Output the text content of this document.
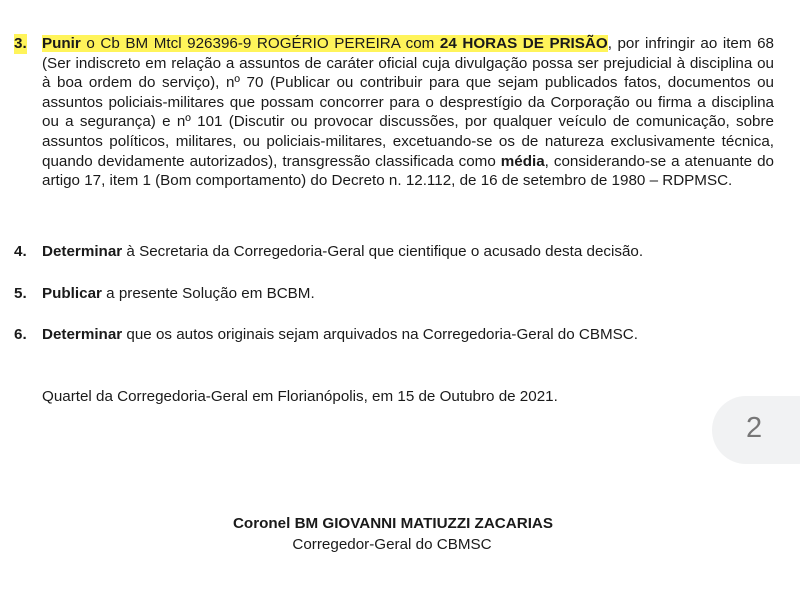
3. Punir o Cb BM Mtcl 926396-9 ROGÉRIO PEREIRA com 24 HORAS DE PRISÃO, por infringir ao item 68 (Ser indiscreto em relação a assuntos de caráter oficial cuja divulgação possa ser prejudicial à disciplina ou à boa ordem do serviço), nº 70 (Publicar ou contribuir para que sejam publicados fatos, documentos ou assuntos policiais-militares que possam concorrer para o desprestígio da Corporação ou firma a disciplina ou a segurança) e nº 101 (Discutir ou provocar discussões, por qualquer veículo de comunicação, sobre assuntos políticos, militares, ou policiais-militares, excetuando-se os de natureza exclusivamente técnica, quando devidamente autorizados), transgressão classificada como média, considerando-se a atenuante do artigo 17, item 1 (Bom comportamento) do Decreto n. 12.112, de 16 de setembro de 1980 – RDPMSC.
4. Determinar à Secretaria da Corregedoria-Geral que cientifique o acusado desta decisão.
5. Publicar a presente Solução em BCBM.
6. Determinar que os autos originais sejam arquivados na Corregedoria-Geral do CBMSC.
Quartel da Corregedoria-Geral em Florianópolis, em 15 de Outubro de 2021.
Coronel BM GIOVANNI MATIUZZI ZACARIAS
Corregedor-Geral do CBMSC
2
